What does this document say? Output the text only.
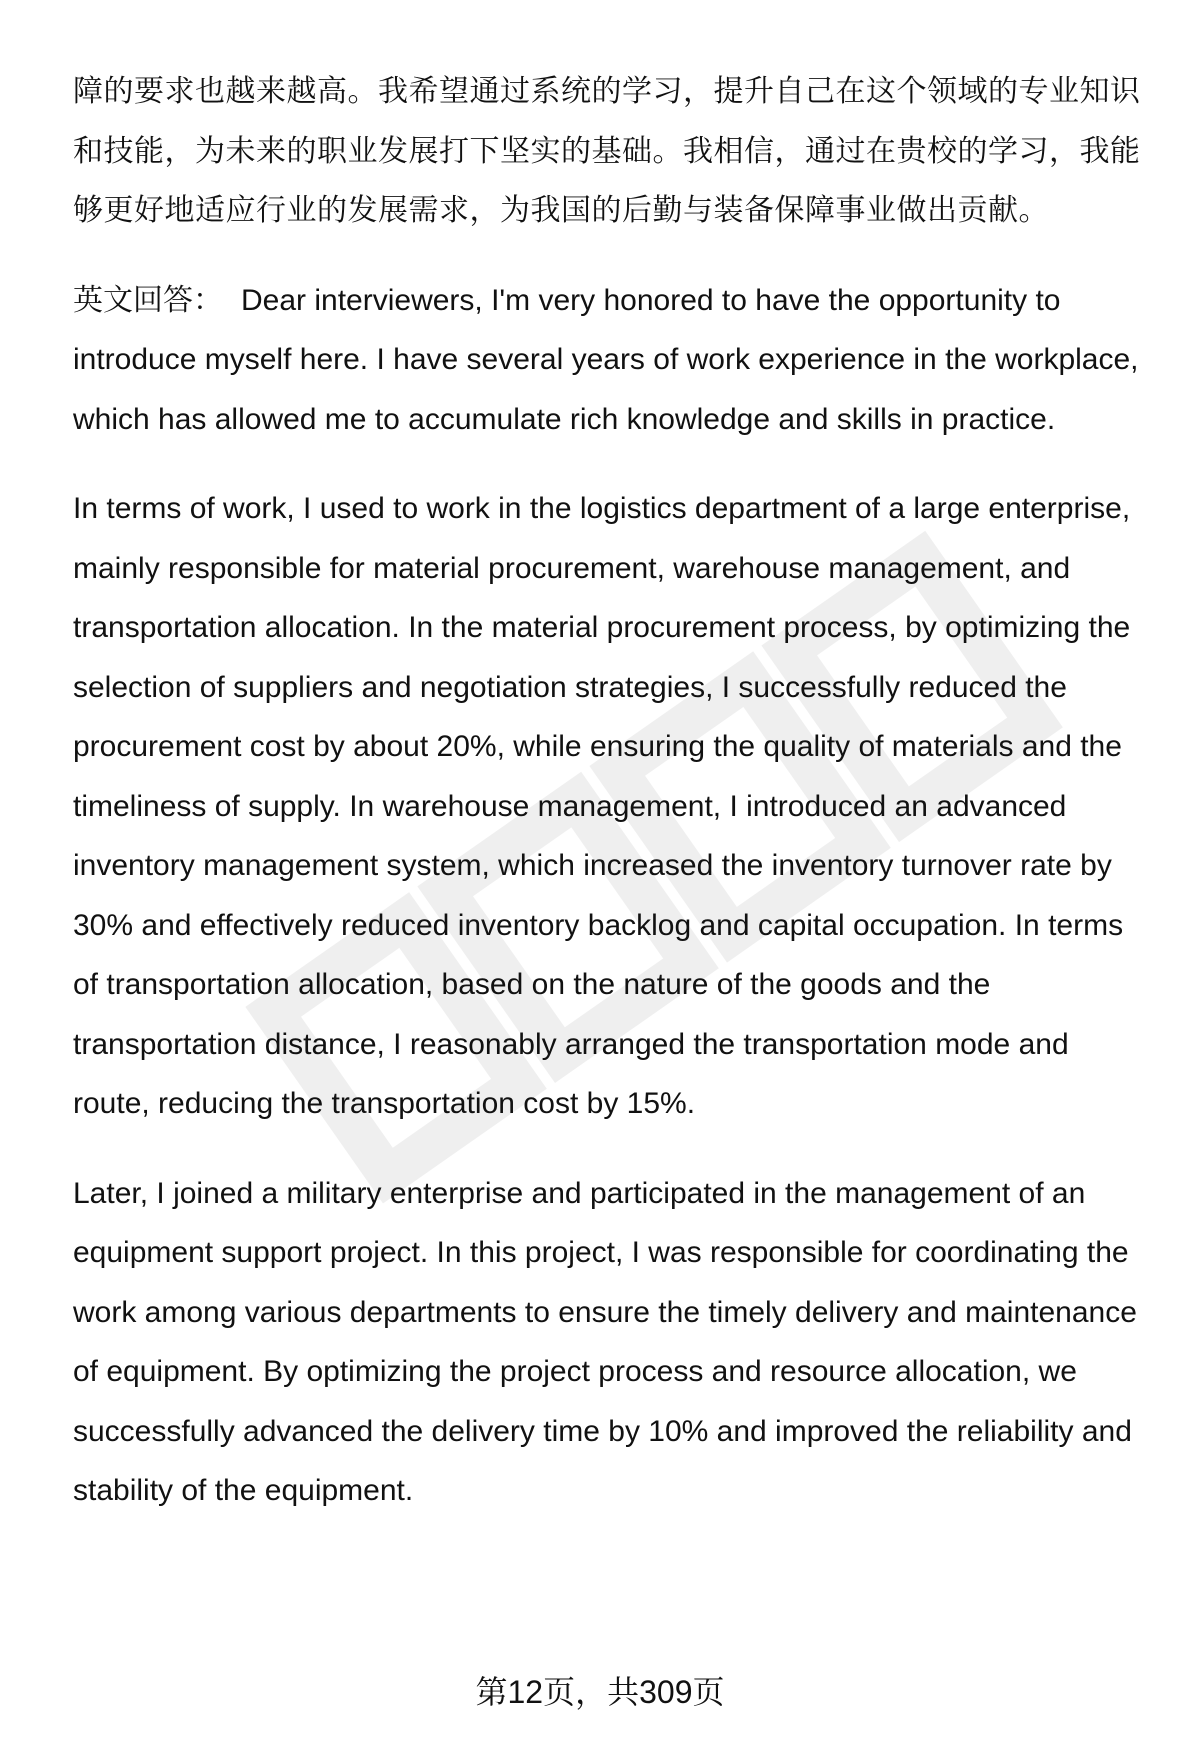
障的要求也越来越高。我希望通过系统的学习，提升自己在这个领域的专业知识和技能，为未来的职业发展打下坚实的基础。我相信，通过在贵校的学习，我能够更好地适应行业的发展需求，为我国的后勤与装备保障事业做出贡献。

英文回答： Dear interviewers, I'm very honored to have the opportunity to introduce myself here. I have several years of work experience in the workplace, which has allowed me to accumulate rich knowledge and skills in practice.

In terms of work, I used to work in the logistics department of a large enterprise, mainly responsible for material procurement, warehouse management, and transportation allocation. In the material procurement process, by optimizing the selection of suppliers and negotiation strategies, I successfully reduced the procurement cost by about 20%, while ensuring the quality of materials and the timeliness of supply. In warehouse management, I introduced an advanced inventory management system, which increased the inventory turnover rate by 30% and effectively reduced inventory backlog and capital occupation. In terms of transportation allocation, based on the nature of the goods and the transportation distance, I reasonably arranged the transportation mode and route, reducing the transportation cost by 15%.

Later, I joined a military enterprise and participated in the management of an equipment support project. In this project, I was responsible for coordinating the work among various departments to ensure the timely delivery and maintenance of equipment. By optimizing the project process and resource allocation, we successfully advanced the delivery time by 10% and improved the reliability and stability of the equipment.

第12页，共309页
